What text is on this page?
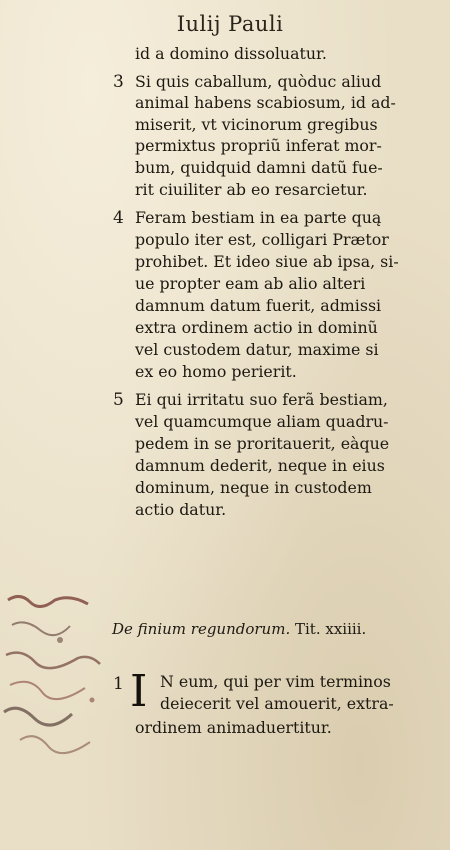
Iulij Pauli
id a domino dissoluatur.
3 Si quis caballum, quòduc aliud
animal habens scabiosum, id ad-
miserit, vt vicinorum gregibus
permixtus propriũ inferat mor-
bum, quidquid damni datũ fue-
rit ciuiliter ab eo resarcietur.
4 Feram bestiam in ea parte quą
populo iter est, colligari Prætor
prohibet. Et ideo siue ab ipsa, si-
ue propter eam ab alio alteri
damnum datum fuerit, admissi
extra ordinem actio in dominũ
vel custodem datur, maxime si
ex eo homo perierit.
5 Ei qui irritatu suo ferã bestiam,
vel quamcumque aliam quadru-
pedem in se proritauerit, eàque
damnum dederit, neque in eius
dominum, neque in custodem
actio datur.
De finium regundorum. Tit. xxiiii.
1 I N eum, qui per vim terminos
deiecerit vel amouerit, extra-
ordinem animaduertitur.
